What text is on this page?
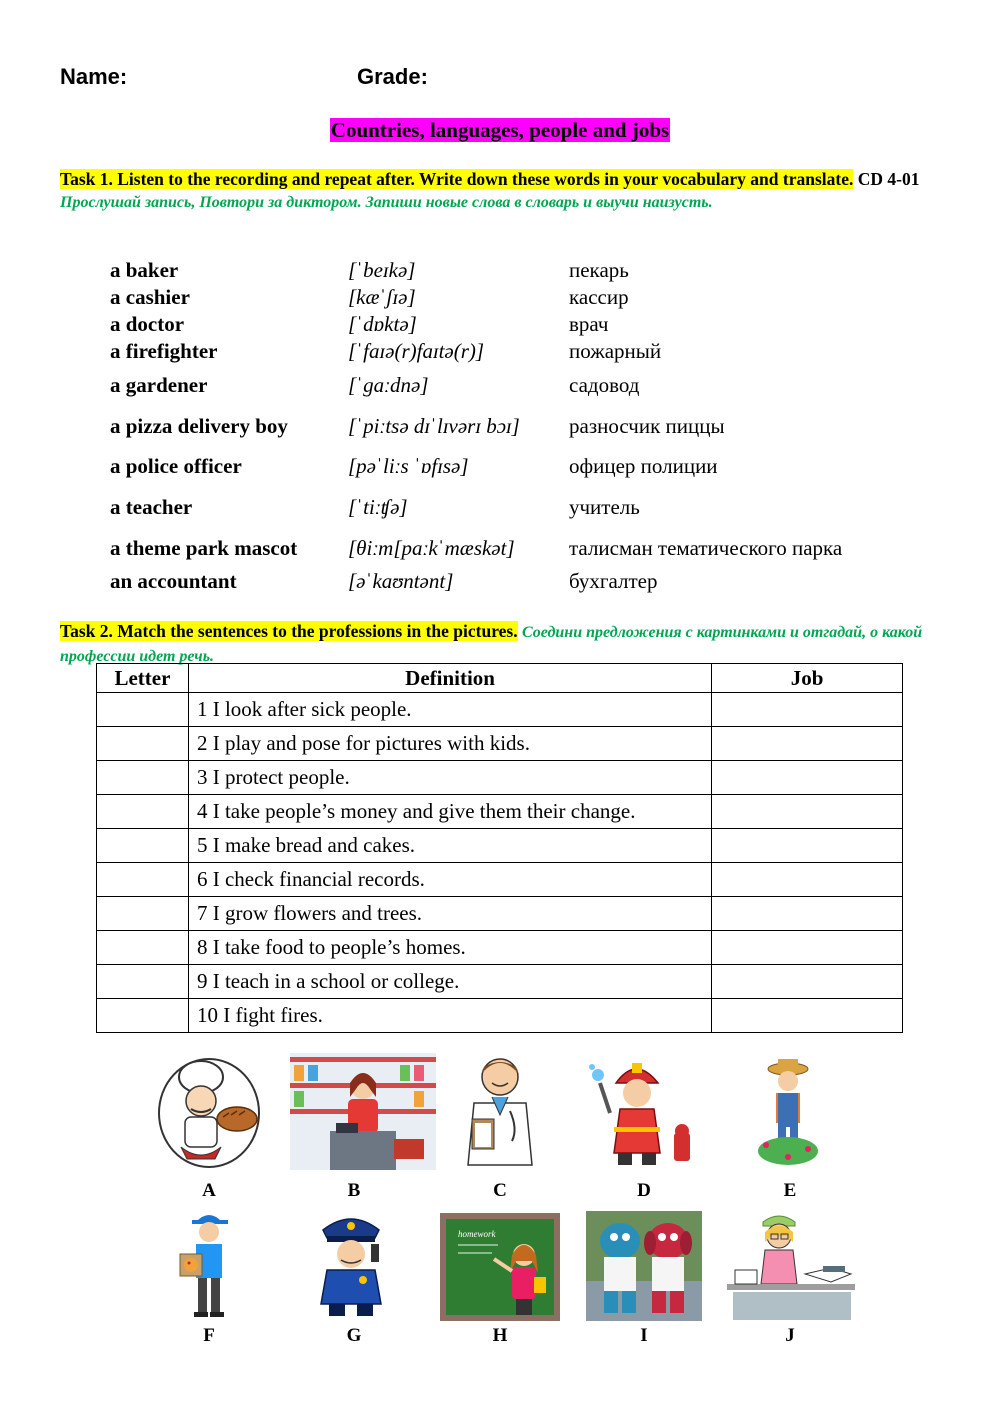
Name:	Grade:
Countries, languages, people and jobs
Task 1. Listen to the recording and repeat after. Write down these words in your vocabulary and translate. CD 4-01 Прослушай запись, Повтори за диктором. Запиши новые слова в словарь и выучи наизусть.
a baker	[ˈbeɪkə]	пекарь
a cashier	[kæˈʃɪə]	кассир
a doctor	[ˈdɒktə]	врач
a firefighter	[ˈfaɪə(r)faɪtə(r)]	пожарный
a gardener	[ˈgaːdnə]	садовод
a pizza delivery boy	[ˈpiːtsə dɪˈlɪvərɪ bɔɪ] разносчик пиццы
a police officer	[pəˈliːs ˈɒfɪsə]	офицер полиции
a teacher	[ˈtiːʧə]	учитель
a theme park mascot [θiːm[paːkˈmæskət]	талисман тематического парка
an accountant	[əˈkaʊntənt]	бухгалтер
Task 2. Match the sentences to the professions in the pictures. Соедини предложения с картинками и отгадай, о какой профессии идет речь.
Letter	Definition	Job
	1 I look after sick people.	
	2 I play and pose for pictures with kids.	
	3 I protect people.	
	4 I take people’s money and give them their change.	
	5 I make bread and cakes.	
	6 I check financial records.	
	7 I grow flowers and trees.	
	8 I take food to people’s homes.	
	9 I teach in a school or college.	
	10 I fight fires.	
A	B	C	D	E
F	G
homework
H	I	J
